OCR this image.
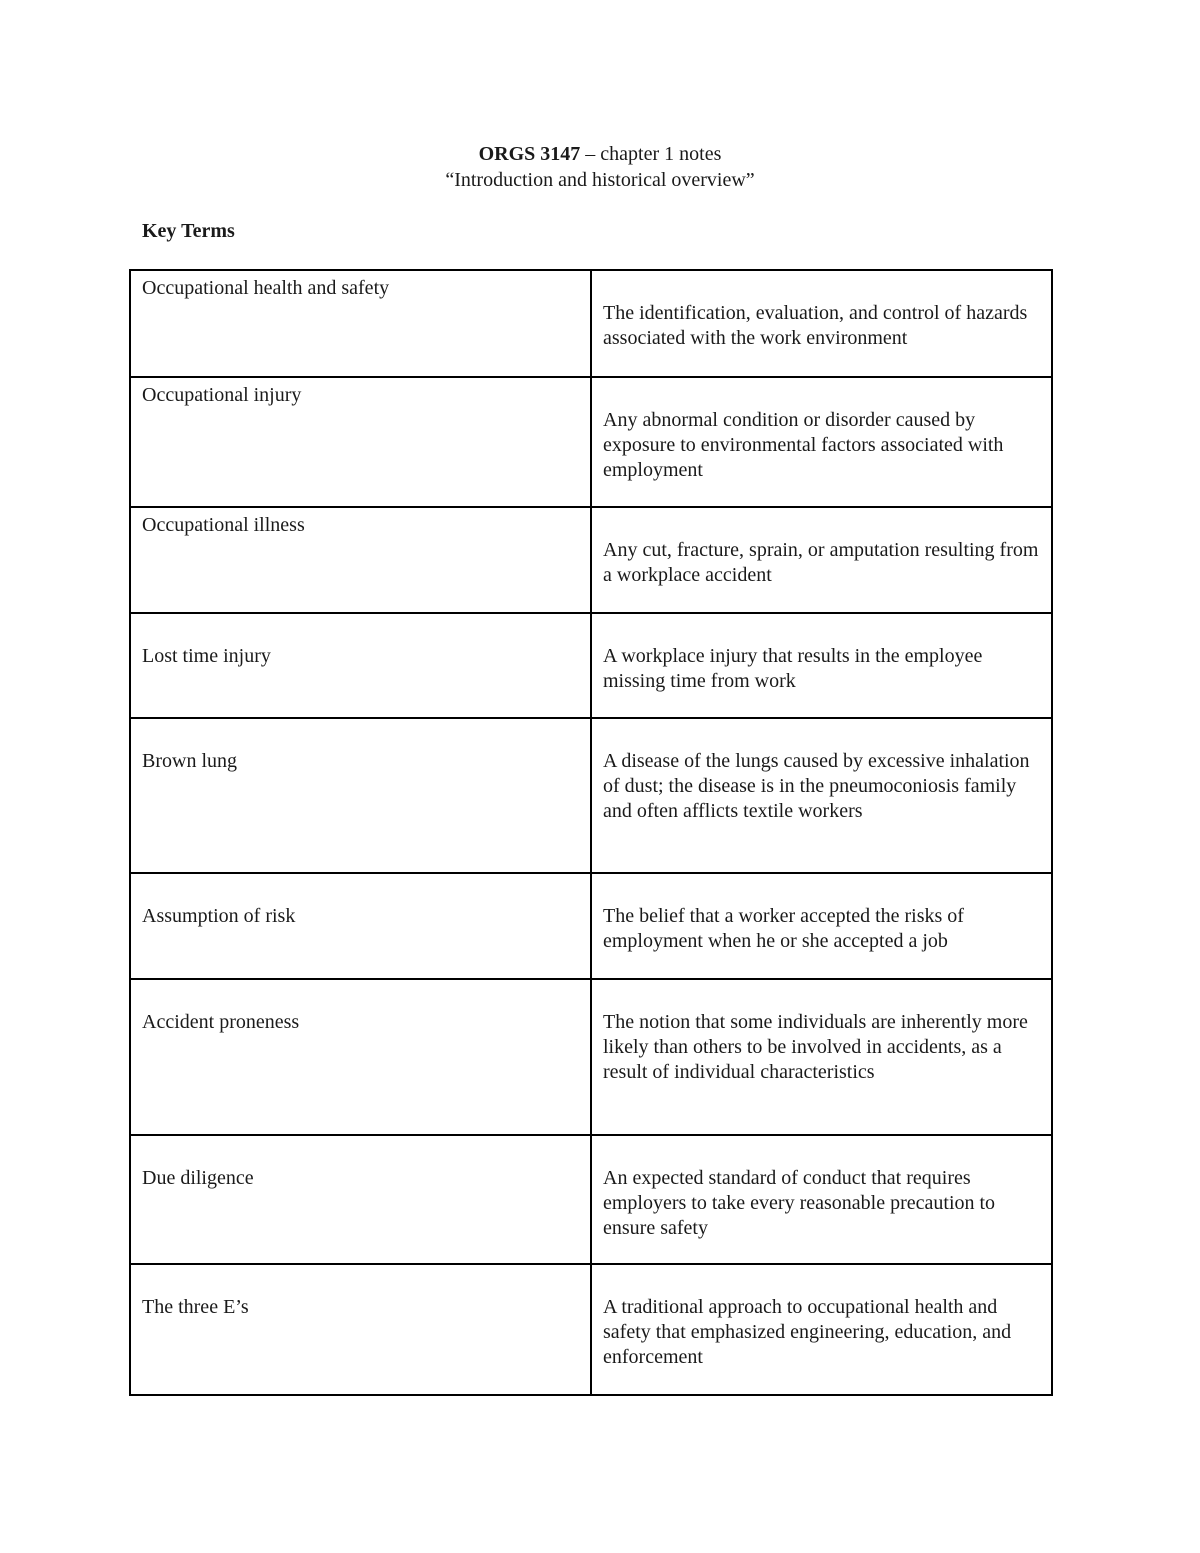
ORGS 3147 – chapter 1 notes
“Introduction and historical overview”
Key Terms
Occupational health and safety	The identification, evaluation, and control of hazards associated with the work environment

Occupational injury	Any abnormal condition or disorder caused by exposure to environmental factors associated with employment

Occupational illness	Any cut, fracture, sprain, or amputation resulting from a workplace accident

Lost time injury	A workplace injury that results in the employee missing time from work

Brown lung	A disease of the lungs caused by excessive inhalation of dust; the disease is in the pneumoconiosis family and often afflicts textile workers

Assumption of risk	The belief that a worker accepted the risks of employment when he or she accepted a job

Accident proneness	The notion that some individuals are inherently more likely than others to be involved in accidents, as a result of individual characteristics

Due diligence	An expected standard of conduct that requires employers to take every reasonable precaution to ensure safety

The three E’s	A traditional approach to occupational health and safety that emphasized engineering, education, and enforcement
